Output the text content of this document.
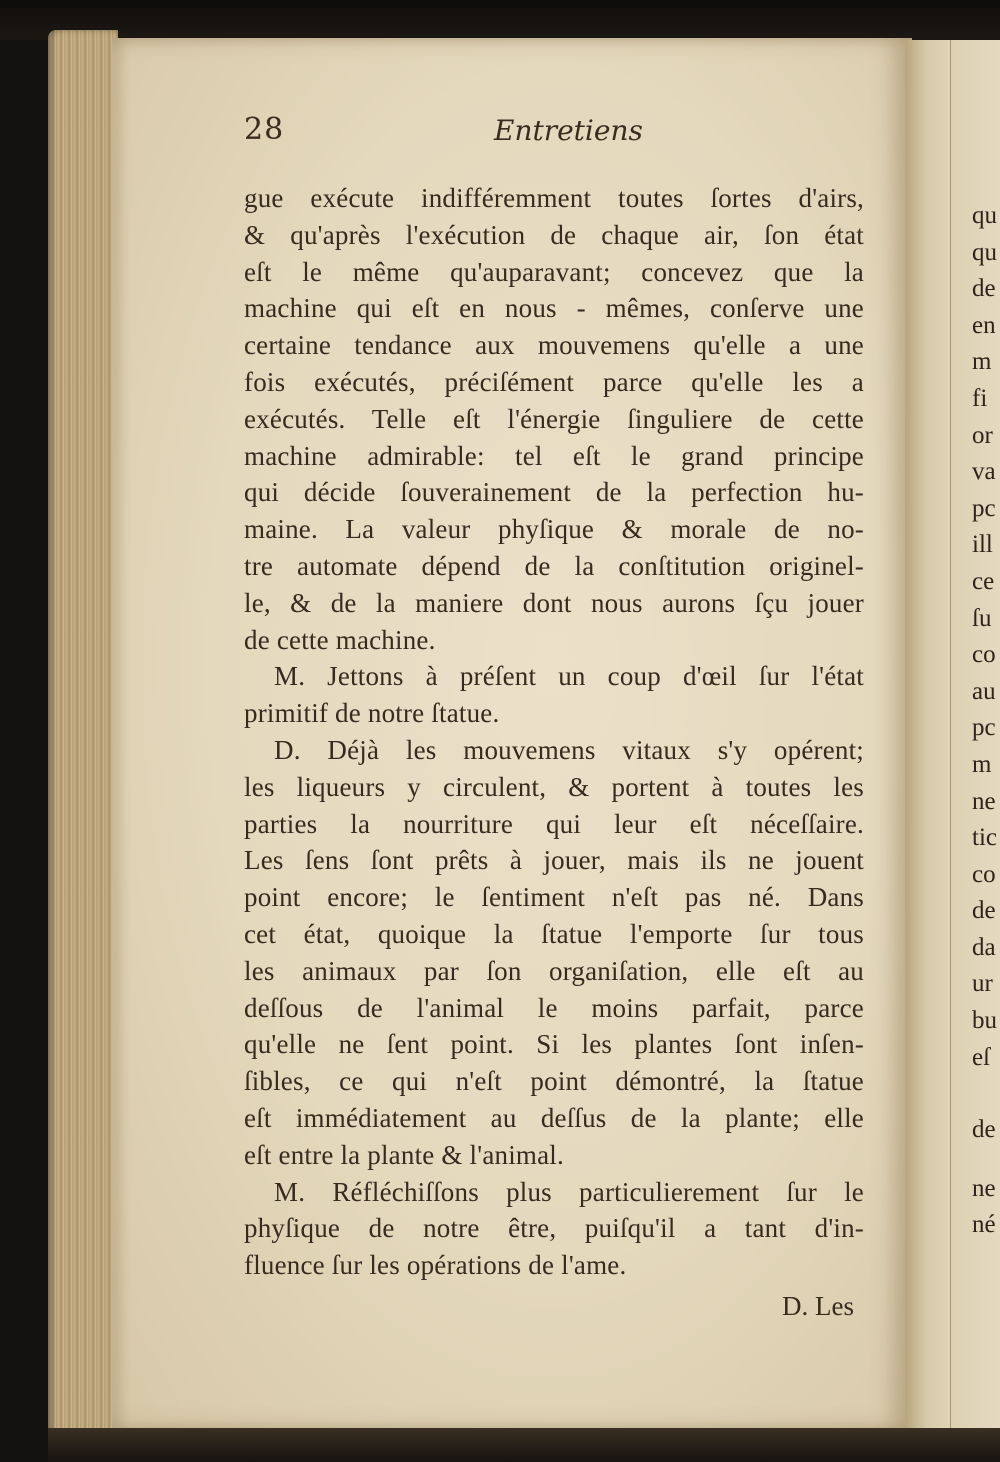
28	Entretiens
gue exécute indifféremment toutes ſortes d'airs,
& qu'après l'exécution de chaque air, ſon état
eſt le même qu'auparavant; concevez que la
machine qui eſt en nous - mêmes, conſerve une
certaine tendance aux mouvemens qu'elle a une
fois exécutés, préciſément parce qu'elle les a
exécutés. Telle eſt l'énergie ſinguliere de cette
machine admirable: tel eſt le grand principe
qui décide ſouverainement de la perfection hu-
maine. La valeur phyſique & morale de no-
tre automate dépend de la conſtitution originel-
le, & de la maniere dont nous aurons ſçu jouer
de cette machine.
M. Jettons à préſent un coup d'œil ſur l'état
primitif de notre ſtatue.
D. Déjà les mouvemens vitaux s'y opérent;
les liqueurs y circulent, & portent à toutes les
parties la nourriture qui leur eſt néceſſaire.
Les ſens ſont prêts à jouer, mais ils ne jouent
point encore; le ſentiment n'eſt pas né. Dans
cet état, quoique la ſtatue l'emporte ſur tous
les animaux par ſon organiſation, elle eſt au
deſſous de l'animal le moins parfait, parce
qu'elle ne ſent point. Si les plantes ſont inſen-
ſibles, ce qui n'eſt point démontré, la ſtatue
eſt immédiatement au deſſus de la plante; elle
eſt entre la plante & l'animal.
M. Réfléchiſſons plus particulierement ſur le
phyſique de notre être, puiſqu'il a tant d'in-
fluence ſur les opérations de l'ame.
D. Les
qu
qu
de
en
m
fi
or
va
pc
ill
ce
ſu
co
au
pc
m
ne
tic
co
de
da
ur
bu
eſ
de
ne
né
